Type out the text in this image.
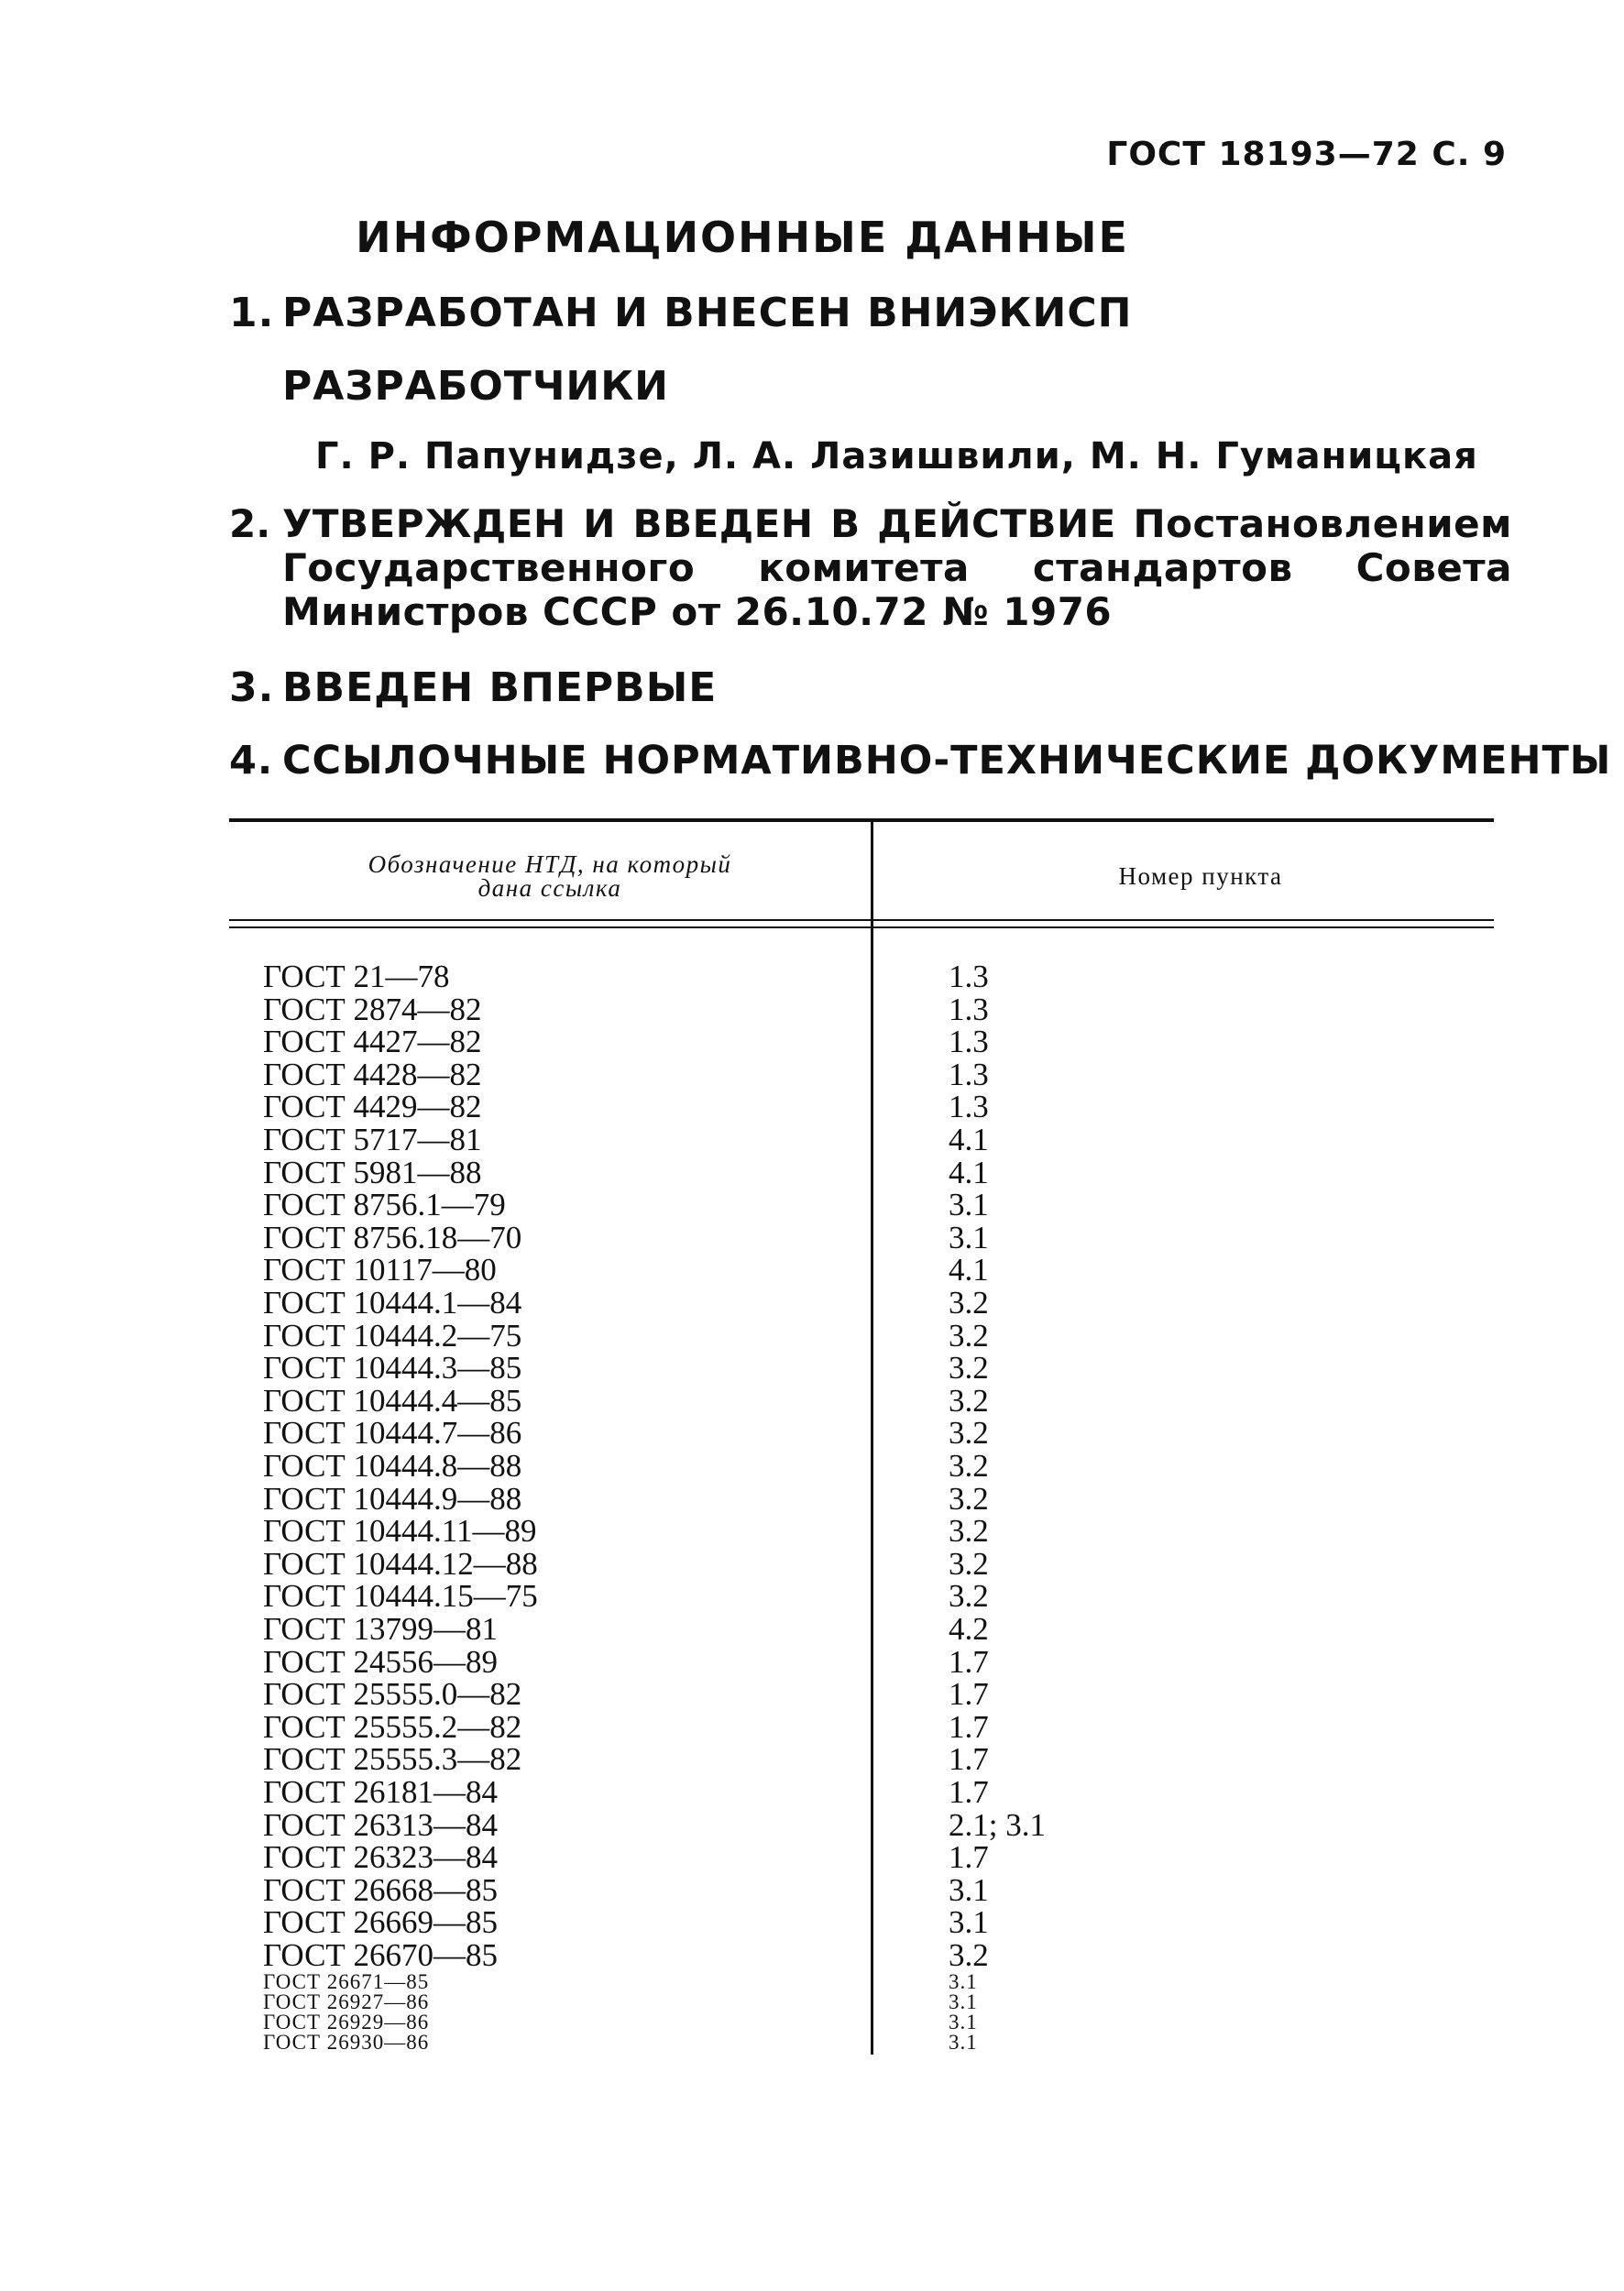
ГОСТ 18193—72 С. 9
ИНФОРМАЦИОННЫЕ ДАННЫЕ
1. РАЗРАБОТАН И ВНЕСЕН ВНИЭКИСП
РАЗРАБОТЧИКИ
Г. Р. Папунидзе, Л. А. Лазишвили, М. Н. Гуманицкая
2. УТВЕРЖДЕН И ВВЕДЕН В ДЕЙСТВИЕ Постановлением Государственного комитета стандартов Совета Министров СССР от 26.10.72 № 1976
3. ВВЕДЕН ВПЕРВЫЕ
4. ССЫЛОЧНЫЕ НОРМАТИВНО-ТЕХНИЧЕСКИЕ ДОКУМЕНТЫ
Обозначение НТД, на который
дана ссылка	Номер пункта
ГОСТ 21—78	1.3
ГОСТ 2874—82	1.3
ГОСТ 4427—82	1.3
ГОСТ 4428—82	1.3
ГОСТ 4429—82	1.3
ГОСТ 5717—81	4.1
ГОСТ 5981—88	4.1
ГОСТ 8756.1—79	3.1
ГОСТ 8756.18—70	3.1
ГОСТ 10117—80	4.1
ГОСТ 10444.1—84	3.2
ГОСТ 10444.2—75	3.2
ГОСТ 10444.3—85	3.2
ГОСТ 10444.4—85	3.2
ГОСТ 10444.7—86	3.2
ГОСТ 10444.8—88	3.2
ГОСТ 10444.9—88	3.2
ГОСТ 10444.11—89	3.2
ГОСТ 10444.12—88	3.2
ГОСТ 10444.15—75	3.2
ГОСТ 13799—81	4.2
ГОСТ 24556—89	1.7
ГОСТ 25555.0—82	1.7
ГОСТ 25555.2—82	1.7
ГОСТ 25555.3—82	1.7
ГОСТ 26181—84	1.7
ГОСТ 26313—84	2.1; 3.1
ГОСТ 26323—84	1.7
ГОСТ 26668—85	3.1
ГОСТ 26669—85	3.1
ГОСТ 26670—85	3.2
ГОСТ 26671—85	3.1
ГОСТ 26927—86	3.1
ГОСТ 26929—86	3.1
ГОСТ 26930—86	3.1
